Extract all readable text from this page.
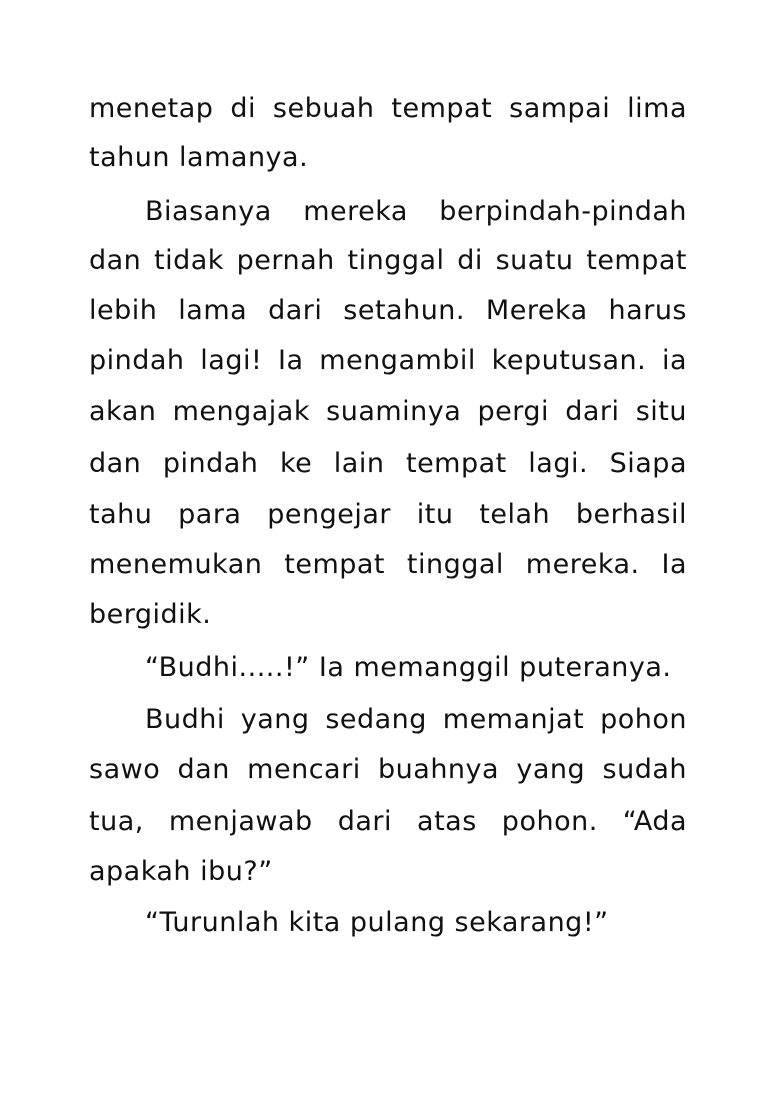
menetap di sebuah tempat sampai lima
tahun lamanya.
Biasanya mereka berpindah-pindah
dan tidak pernah tinggal di suatu tempat
lebih lama dari setahun. Mereka harus
pindah lagi! Ia mengambil keputusan. ia
akan mengajak suaminya pergi dari situ
dan pindah ke lain tempat lagi. Siapa
tahu para pengejar itu telah berhasil
menemukan tempat tinggal mereka. Ia
bergidik.
“Budhi.....!” Ia memanggil puteranya.
Budhi yang sedang memanjat pohon
sawo dan mencari buahnya yang sudah
tua, menjawab dari atas pohon. “Ada
apakah ibu?”
“Turunlah kita pulang sekarang!”
